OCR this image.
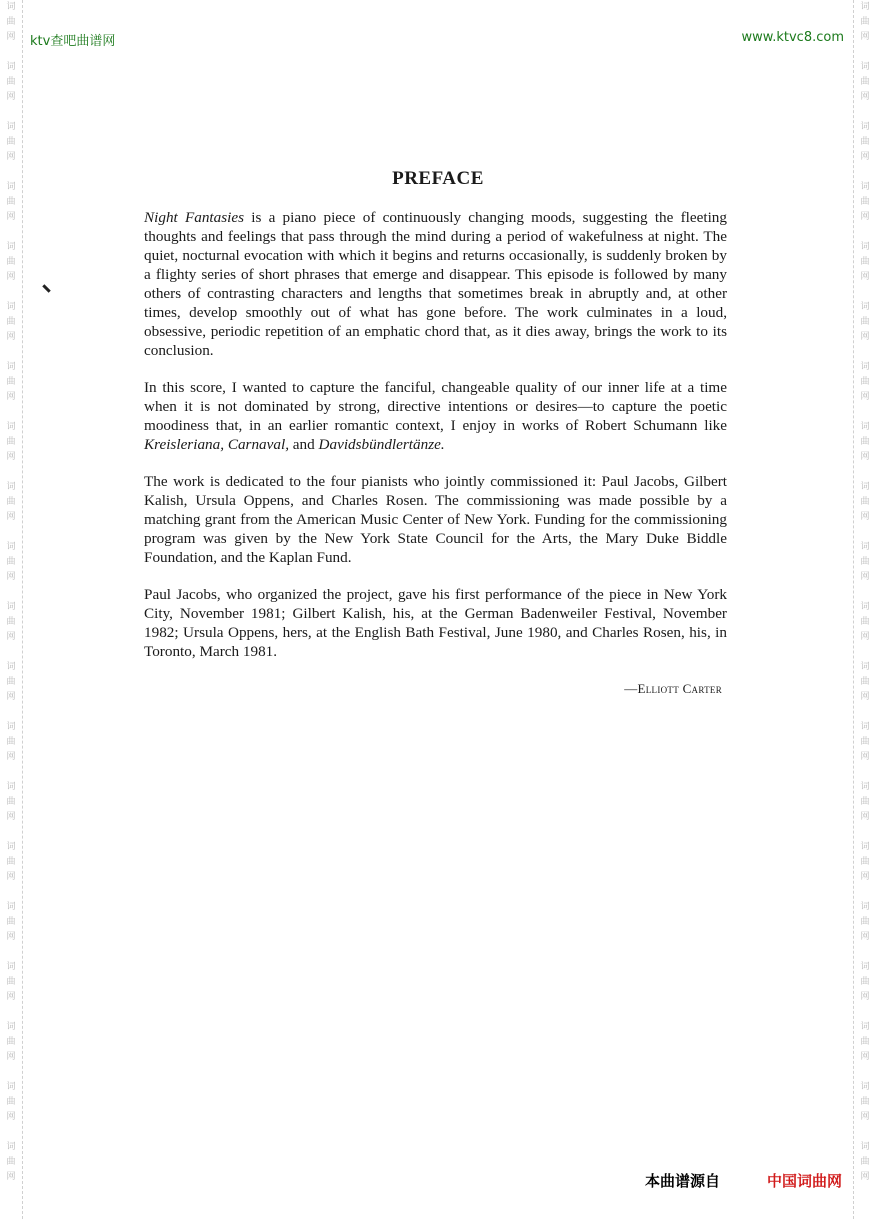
词
曲
网
词
曲
网
词
曲
网
词
曲
网
词
曲
网
词
曲
网
词
曲
网
词
曲
网
词
曲
网
词
曲
网
词
曲
网
词
曲
网
词
曲
网
词
曲
网
词
曲
网
词
曲
网
词
曲
网
词
曲
网
词
曲
网
词
曲
网
词
曲
网
词
曲
网
词
曲
网
词
曲
网
词
曲
网
词
曲
网
词
曲
网
词
曲
网
词
曲
网
词
曲
网
词
曲
网
词
曲
网
词
曲
网
词
曲
网
词
曲
网
词
曲
网
词
曲
网
词
曲
网
词
曲
网
词
曲
网
ktv查吧曲谱网	www.ktvc8.com
PREFACE

Night Fantasies is a piano piece of continuously changing moods, suggesting the fleeting thoughts and feelings that pass through the mind during a period of wakefulness at night. The quiet, nocturnal evocation with which it begins and returns occasionally, is suddenly broken by a flighty series of short phrases that emerge and disappear. This episode is followed by many others of contrasting characters and lengths that sometimes break in abruptly and, at other times, develop smoothly out of what has gone before. The work culminates in a loud, obsessive, periodic repetition of an emphatic chord that, as it dies away, brings the work to its conclusion.

In this score, I wanted to capture the fanciful, changeable quality of our inner life at a time when it is not dominated by strong, directive intentions or desires—to capture the poetic moodiness that, in an earlier romantic context, I enjoy in works of Robert Schumann like Kreisleriana, Carnaval, and Davidsbündlertänze.

The work is dedicated to the four pianists who jointly commissioned it: Paul Jacobs, Gilbert Kalish, Ursula Oppens, and Charles Rosen. The commissioning was made possible by a matching grant from the American Music Center of New York. Funding for the commissioning program was given by the New York State Council for the Arts, the Mary Duke Biddle Foundation, and the Kaplan Fund.

Paul Jacobs, who organized the project, gave his first performance of the piece in New York City, November 1981; Gilbert Kalish, his, at the German Badenweiler Festival, November 1982; Ursula Oppens, hers, at the English Bath Festival, June 1980, and Charles Rosen, his, in Toronto, March 1981.

—Elliott Carter
本曲谱源自	中国词曲网
